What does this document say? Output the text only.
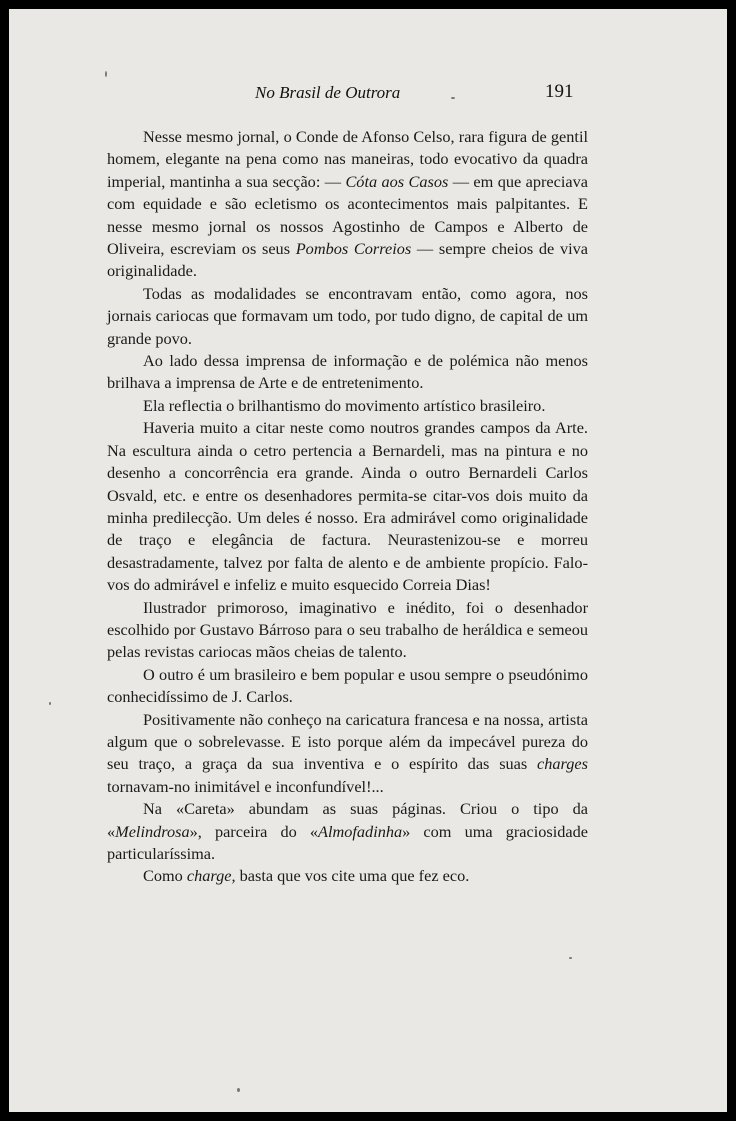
No Brasil de Outrora	191

Nesse mesmo jornal, o Conde de Afonso Celso, rara figura de gentil homem, elegante na pena como nas maneiras, todo evocativo da quadra imperial, mantinha a sua secção: — Cóta aos Casos — em que apreciava com equidade e são ecletismo os acontecimentos mais palpitantes. E nesse mesmo jornal os nossos Agostinho de Campos e Alberto de Oliveira, escreviam os seus Pombos Correios — sempre cheios de viva originalidade.

Todas as modalidades se encontravam então, como agora, nos jornais cariocas que formavam um todo, por tudo digno, de capital de um grande povo.

Ao lado dessa imprensa de informação e de polémica não menos brilhava a imprensa de Arte e de entretenimento.

Ela reflectia o brilhantismo do movimento artístico brasileiro.

Haveria muito a citar neste como noutros grandes campos da Arte. Na escultura ainda o cetro pertencia a Bernardeli, mas na pintura e no desenho a concorrência era grande. Ainda o outro Bernardeli Carlos Osvald, etc. e entre os desenhadores permita-se citar-vos dois muito da minha predilecção. Um deles é nosso. Era admirável como originalidade de traço e elegância de factura. Neurastenizou-se e morreu desastradamente, talvez por falta de alento e de ambiente propício. Falo-vos do admirável e infeliz e muito esquecido Correia Dias!

Ilustrador primoroso, imaginativo e inédito, foi o desenhador escolhido por Gustavo Bárroso para o seu trabalho de heráldica e semeou pelas revistas cariocas mãos cheias de talento.

O outro é um brasileiro e bem popular e usou sempre o pseudónimo conhecidíssimo de J. Carlos.

Positivamente não conheço na caricatura francesa e na nossa, artista algum que o sobrelevasse. E isto porque além da impecável pureza do seu traço, a graça da sua inventiva e o espírito das suas charges tornavam-no inimitável e inconfundível!...

Na «Careta» abundam as suas páginas. Criou o tipo da «Melindrosa», parceira do «Almofadinha» com uma graciosidade particularíssima.

Como charge, basta que vos cite uma que fez eco.
